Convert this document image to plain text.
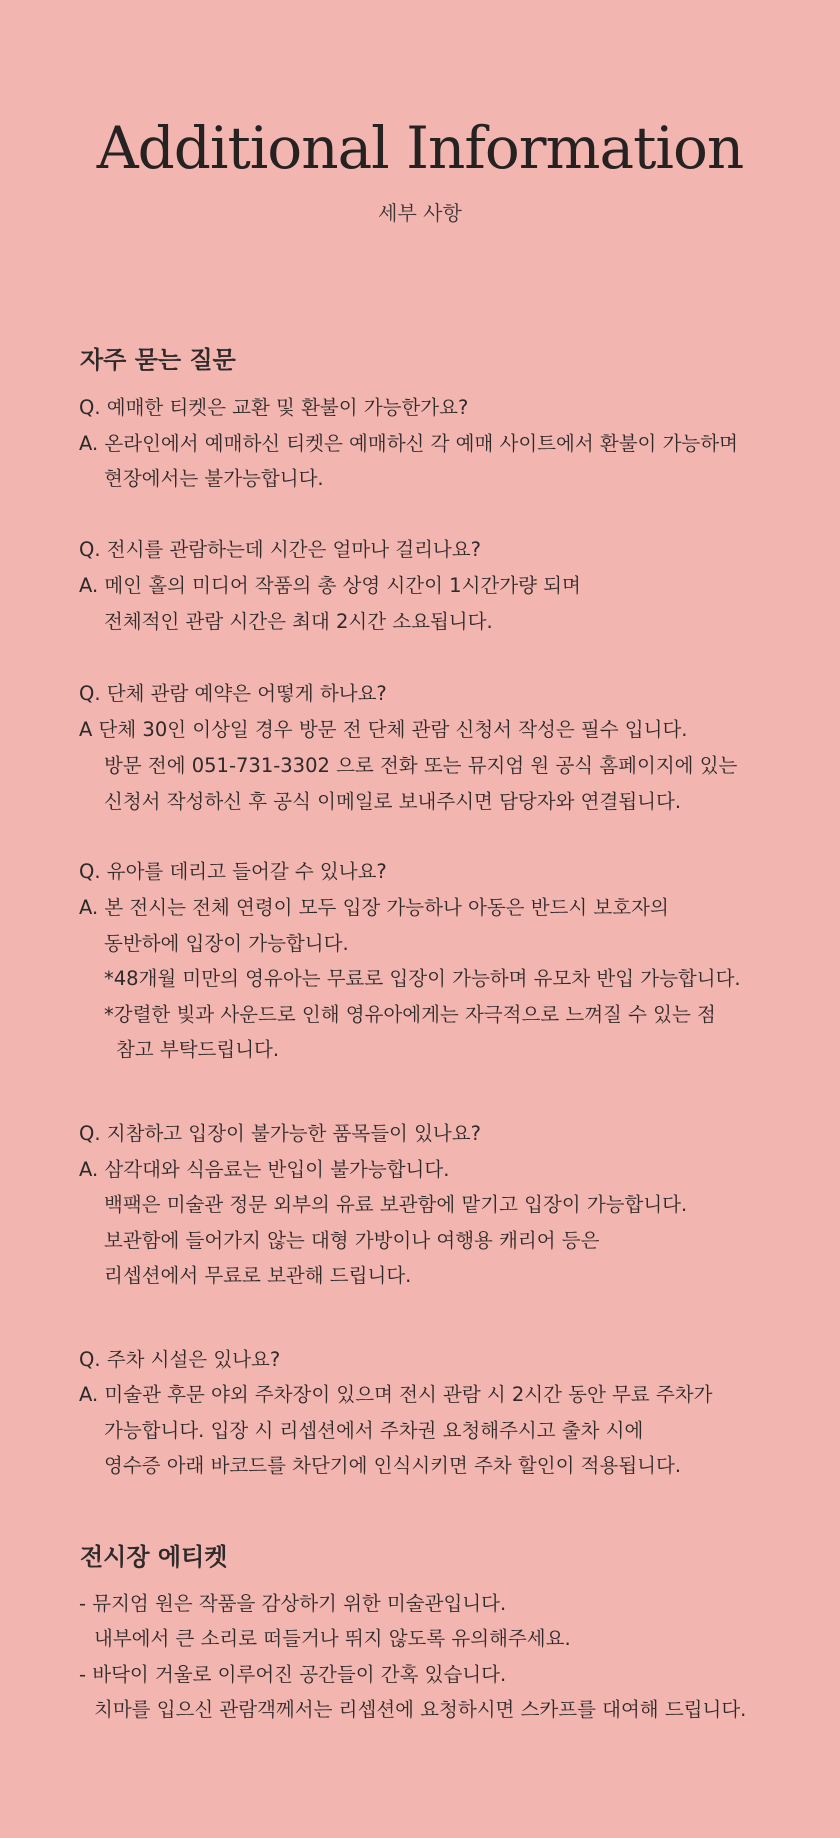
Additional Information
세부 사항
자주 묻는 질문
Q. 예매한 티켓은 교환 및 환불이 가능한가요?
A. 온라인에서 예매하신 티켓은 예매하신 각 예매 사이트에서 환불이 가능하며
현장에서는 불가능합니다.
Q. 전시를 관람하는데 시간은 얼마나 걸리나요?
A. 메인 홀의 미디어 작품의 총 상영 시간이 1시간가량 되며
전체적인 관람 시간은 최대 2시간 소요됩니다.
Q. 단체 관람 예약은 어떻게 하나요?
A 단체 30인 이상일 경우 방문 전 단체 관람 신청서 작성은 필수 입니다.
방문 전에 051-731-3302 으로 전화 또는 뮤지엄 원 공식 홈페이지에 있는
신청서 작성하신 후 공식 이메일로 보내주시면 담당자와 연결됩니다.
Q. 유아를 데리고 들어갈 수 있나요?
A. 본 전시는 전체 연령이 모두 입장 가능하나 아동은 반드시 보호자의
동반하에 입장이 가능합니다.
*48개월 미만의 영유아는 무료로 입장이 가능하며 유모차 반입 가능합니다.
*강렬한 빛과 사운드로 인해 영유아에게는 자극적으로 느껴질 수 있는 점
참고 부탁드립니다.
Q. 지참하고 입장이 불가능한 품목들이 있나요?
A. 삼각대와 식음료는 반입이 불가능합니다.
백팩은 미술관 정문 외부의 유료 보관함에 맡기고 입장이 가능합니다.
보관함에 들어가지 않는 대형 가방이나 여행용 캐리어 등은
리셉션에서 무료로 보관해 드립니다.
Q. 주차 시설은 있나요?
A. 미술관 후문 야외 주차장이 있으며 전시 관람 시 2시간 동안 무료 주차가
가능합니다. 입장 시 리셉션에서 주차권 요청해주시고 출차 시에
영수증 아래 바코드를 차단기에 인식시키면 주차 할인이 적용됩니다.
전시장 에티켓
- 뮤지엄 원은 작품을 감상하기 위한 미술관입니다.
내부에서 큰 소리로 떠들거나 뛰지 않도록 유의해주세요.
- 바닥이 거울로 이루어진 공간들이 간혹 있습니다.
치마를 입으신 관람객께서는 리셉션에 요청하시면 스카프를 대여해 드립니다.
